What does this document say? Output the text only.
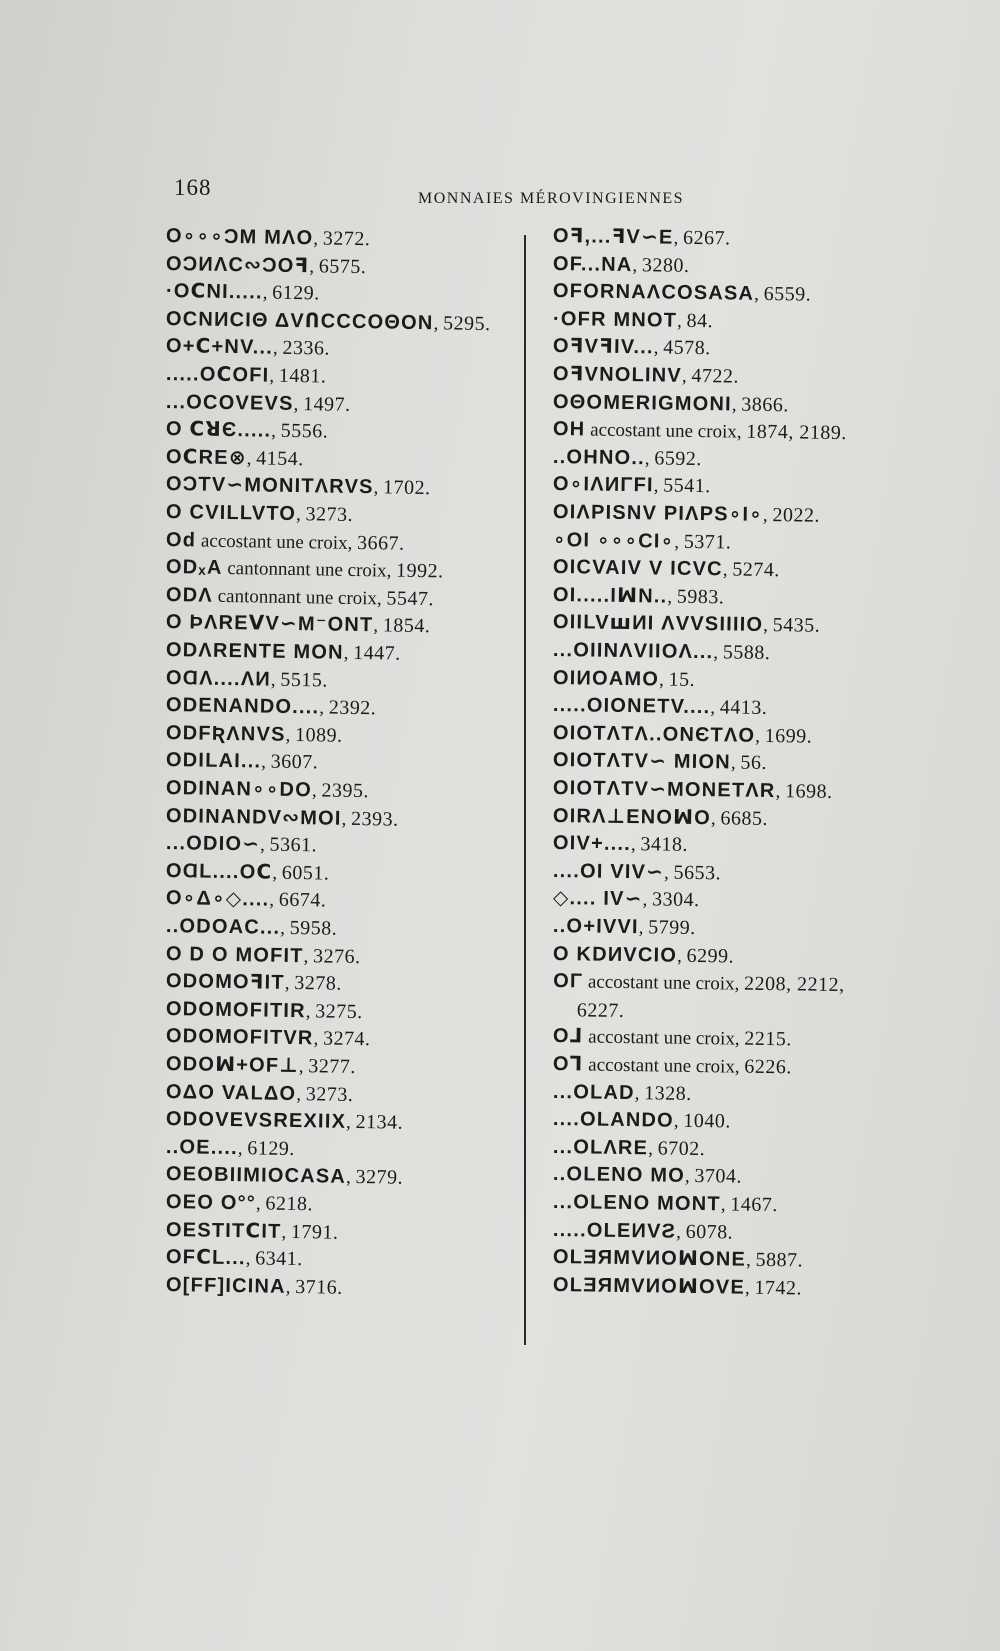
168	MONNAIES MÉROVINGIENNES
O∘∘∘ƆM MΛO, 3272.
OƆИΛC∾ƆOꟻ, 6575.
·OⅭNI....., 6129.
OCNИCIΘ ΔVՈCCCOΘON, 5295.
O+Ⅽ+NV..., 2336.
.....OⅭOFI, 1481.
...OCOVEVS, 1497.
O ⅭꓤЄ....., 5556.
OⅭRE⊗, 4154.
OƆTV∽MONITΛRVS, 1702.
O CVILLVTO, 3273.
Od accostant une croix, 3667.
ODₓA cantonnant une croix, 1992.
ODΛ cantonnant une croix, 5547.
O ÞΛREꓦV∽M⁻ONT, 1854.
ODΛRENTE MON, 1447.
OⱭΛ....ΛИ, 5515.
ODENANDO...., 2392.
ODFƦΛNVS, 1089.
ODILAI..., 3607.
ODINAN∘∘DO, 2395.
ODINANDV∾MOI, 2393.
...ODIO∽, 5361.
OⱭL....OⅭ, 6051.
O∘Δ∘◇...., 6674.
..ODOAC..., 5958.
O D O MOFIT, 3276.
ODOMOꟻIT, 3278.
ODOMOFITIR, 3275.
ODOMOFITVR, 3274.
ODOꟽ+OF⊥, 3277.
OΔO VALΔO, 3273.
ODOVEVSREXIIX, 2134.
..OE...., 6129.
OEOBIIMIOCASA, 3279.
OEO O°°, 6218.
OESTITⅭIT, 1791.
OFⅭL..., 6341.
O[FF]ICINA, 3716.
Oꟻ,...ꟻV∽E, 6267.
OF...NA, 3280.
OFORNAΛCOSASA, 6559.
·OFR MNOT, 84.
OꟻVꟻIV..., 4578.
OꟻVNOLINV, 4722.
OΘOMERIGMONI, 3866.
OH accostant une croix, 1874, 2189.
..OHNO.., 6592.
O∘IΛИΓFI, 5541.
OIΛPISNV PIΛPS∘I∘, 2022.
∘OI ∘∘∘CI∘, 5371.
OICVAIV V ICVC, 5274.
OI.....IꟽN.., 5983.
OIILVꟺИI ΛVVSIIIIO, 5435.
...OIINΛVIIOΛ..., 5588.
OIИOAMO, 15.
.....OIONETV...., 4413.
OIOTΛTΛ..ONЄTΛO, 1699.
OIOTΛTV∽ MION, 56.
OIOTΛTV∽MONETΛR, 1698.
OIRΛ⊥ENOꟽO, 6685.
OIV+...., 3418.
....OI VIV∽, 5653.
◇.... IV∽, 3304.
..O+IVVI, 5799.
O KDИVCIO, 6299.
OΓ accostant une croix, 2208, 2212,
6227.
Oᒧ accostant une croix, 2215.
Oᒣ accostant une croix, 6226.
...OLAD, 1328.
....OLANDO, 1040.
...OLΛRE, 6702.
..OLENO MO, 3704.
...OLENO MONT, 1467.
.....OLEИVƧ, 6078.
OLƎЯMVИOꟽONE, 5887.
OLƎЯMVИOꟽOVE, 1742.
